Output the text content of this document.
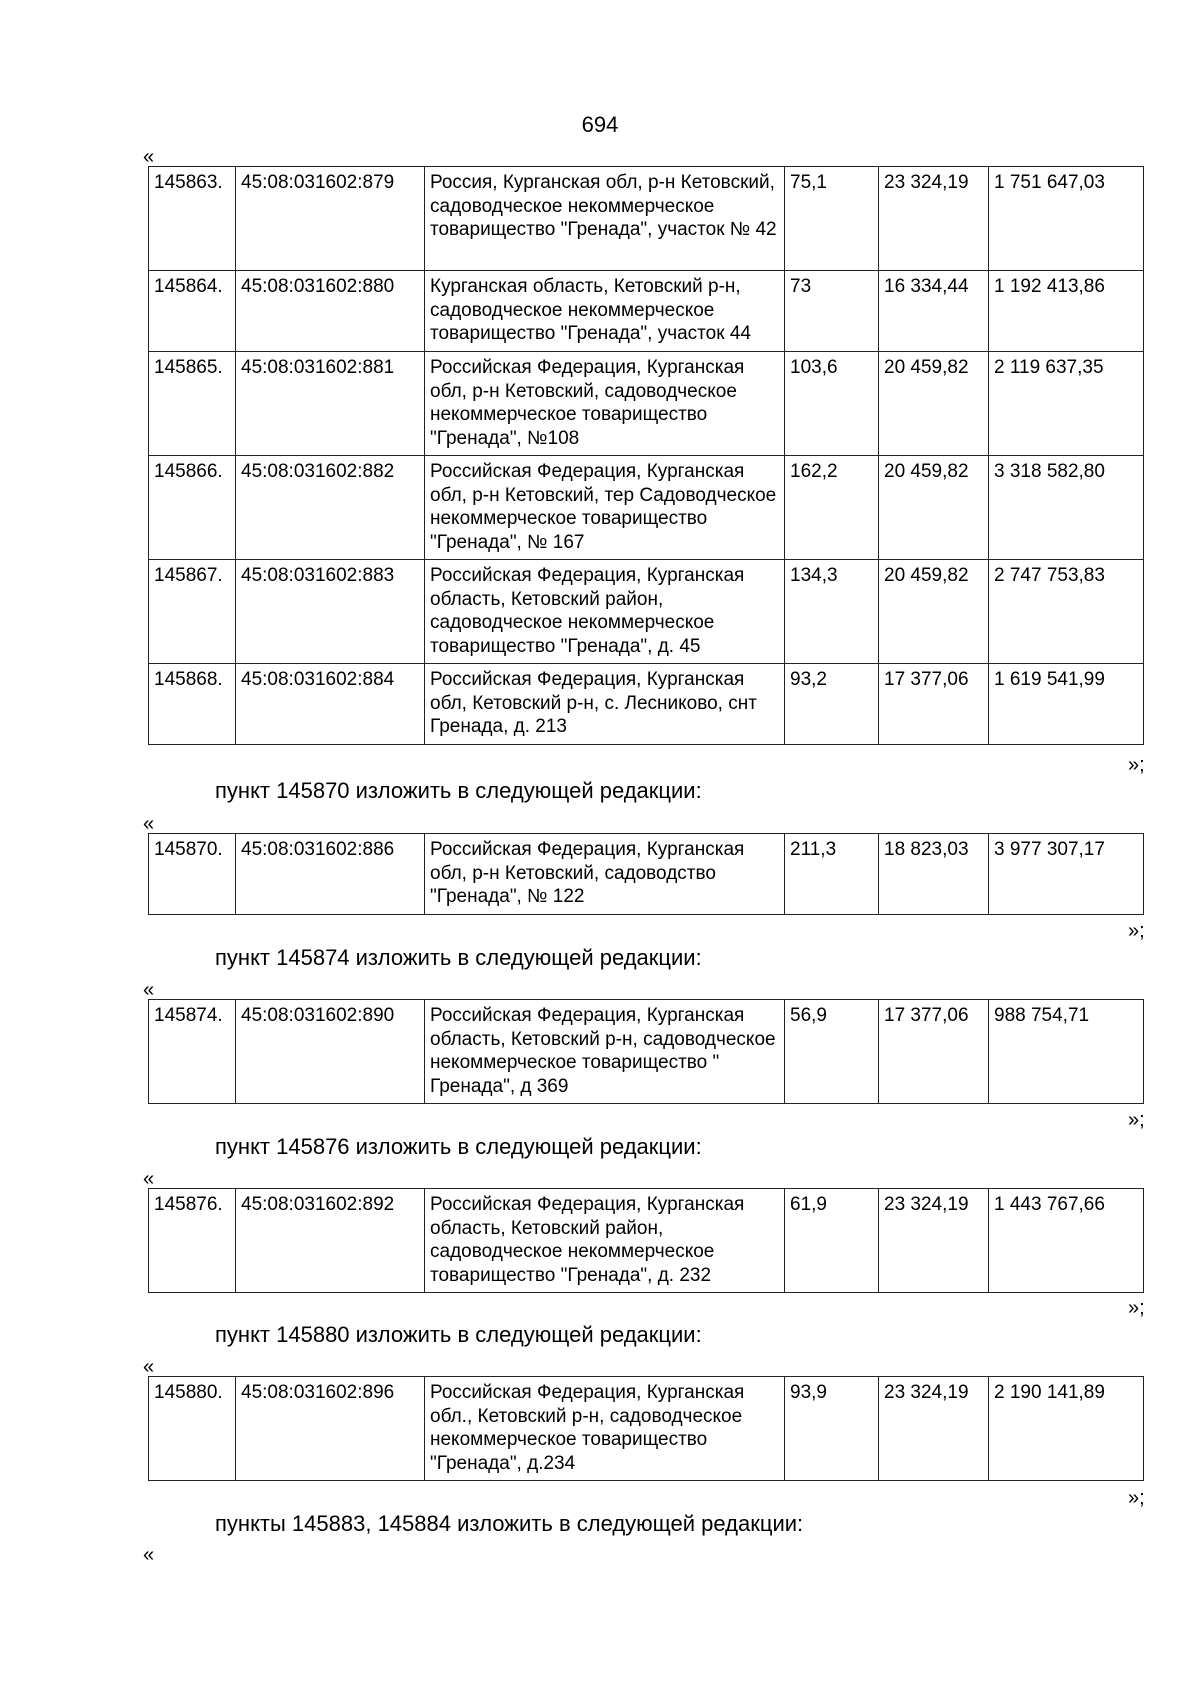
694
«
145863.	45:08:031602:879	Россия, Курганская обл, р-н Кетовский, садоводческое некоммерческое товарищество "Гренада", участок № 42	75,1	23 324,19	1 751 647,03
145864.	45:08:031602:880	Курганская область, Кетовский р-н, садоводческое некоммерческое товарищество "Гренада", участок 44	73	16 334,44	1 192 413,86
145865.	45:08:031602:881	Российская Федерация, Курганская обл, р-н Кетовский, садоводческое некоммерческое товарищество "Гренада", №108	103,6	20 459,82	2 119 637,35
145866.	45:08:031602:882	Российская Федерация, Курганская обл, р-н Кетовский, тер Садоводческое некоммерческое товарищество "Гренада", № 167	162,2	20 459,82	3 318 582,80
145867.	45:08:031602:883	Российская Федерация, Курганская область, Кетовский район, садоводческое некоммерческое товарищество "Гренада", д. 45	134,3	20 459,82	2 747 753,83
145868.	45:08:031602:884	Российская Федерация, Курганская обл, Кетовский р-н, с. Лесниково, снт Гренада, д. 213	93,2	17 377,06	1 619 541,99
»;
пункт 145870 изложить в следующей редакции:
«
145870.	45:08:031602:886	Российская Федерация, Курганская обл, р-н Кетовский, садоводство "Гренада", № 122	211,3	18 823,03	3 977 307,17
»;
пункт 145874 изложить в следующей редакции:
«
145874.	45:08:031602:890	Российская Федерация, Курганская область, Кетовский р-н, садоводческое некоммерческое товарищество " Гренада", д 369	56,9	17 377,06	988 754,71
»;
пункт 145876 изложить в следующей редакции:
«
145876.	45:08:031602:892	Российская Федерация, Курганская область, Кетовский район, садоводческое некоммерческое товарищество "Гренада", д. 232	61,9	23 324,19	1 443 767,66
»;
пункт 145880 изложить в следующей редакции:
«
145880.	45:08:031602:896	Российская Федерация, Курганская обл., Кетовский р-н, садоводческое некоммерческое товарищество "Гренада", д.234	93,9	23 324,19	2 190 141,89
»;
пункты 145883, 145884 изложить в следующей редакции:
«
